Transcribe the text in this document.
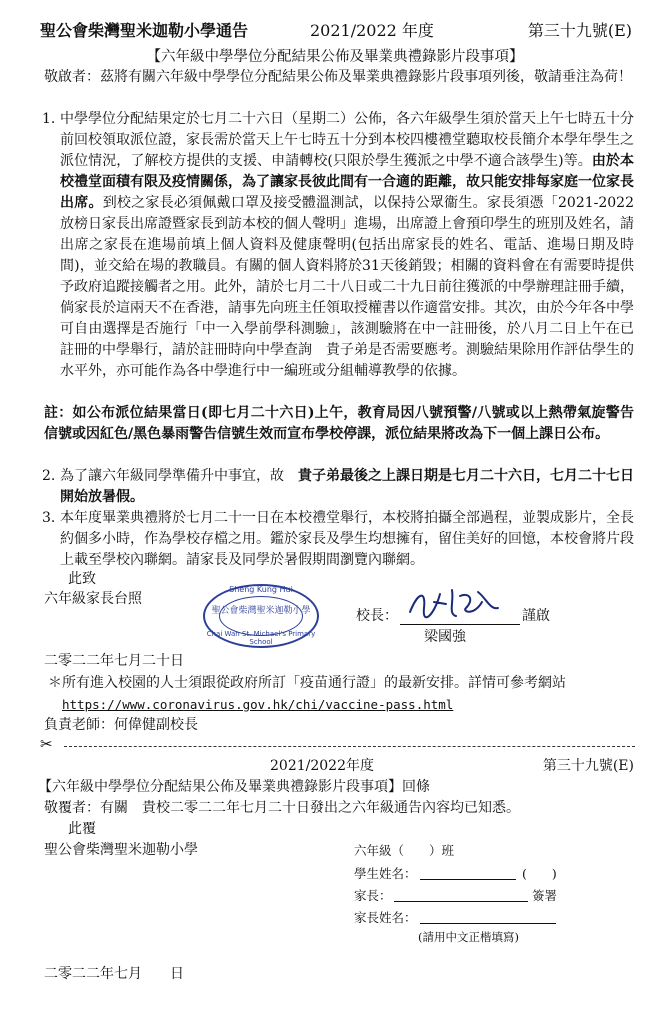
聖公會柴灣聖米迦勒小學通告	2021/2022 年度	第三十九號(E)
【六年級中學學位分配結果公佈及畢業典禮錄影片段事項】
敬啟者：茲將有關六年級中學學位分配結果公佈及畢業典禮錄影片段事項列後，敬請垂注為荷！
1. 中學學位分配結果定於七月二十六日（星期二）公佈，各六年級學生須於當天上午七時五十分前回校領取派位證，家長需於當天上午七時五十分到本校四樓禮堂聽取校長簡介本學年學生之派位情況，了解校方提供的支援、申請轉校(只限於學生獲派之中學不適合該學生)等。由於本校禮堂面積有限及疫情關係，為了讓家長彼此間有一合適的距離，故只能安排每家庭一位家長出席。到校之家長必須佩戴口罩及接受體溫測試，以保持公眾衞生。家長須憑「2021-2022放榜日家長出席證暨家長到訪本校的個人聲明」進場，出席證上會預印學生的班別及姓名，請出席之家長在進場前填上個人資料及健康聲明(包括出席家長的姓名、電話、進場日期及時間)，並交給在場的教職員。有關的個人資料將於31天後銷毀；相關的資料會在有需要時提供予政府追蹤接觸者之用。此外，請於七月二十八日或二十九日前往獲派的中學辦理註冊手續，倘家長於這兩天不在香港，請事先向班主任領取授權書以作適當安排。其次，由於今年各中學可自由選擇是否施行「中一入學前學科測驗」，該測驗將在中一註冊後，於八月二日上午在已註冊的中學舉行，請於註冊時向中學查詢　貴子弟是否需要應考。測驗結果除用作評估學生的水平外，亦可能作為各中學進行中一編班或分組輔導教學的依據。
註：如公布派位結果當日(即七月二十六日)上午，教育局因八號預警/八號或以上熱帶氣旋警告信號或因紅色/黑色暴雨警告信號生效而宣布學校停課，派位結果將改為下一個上課日公布。
2. 為了讓六年級同學準備升中事宜，故　貴子弟最後之上課日期是七月二十六日，七月二十七日開始放暑假。
3. 本年度畢業典禮將於七月二十一日在本校禮堂舉行，本校將拍攝全部過程，並製成影片，全長約個多小時，作為學校存檔之用。鑑於家長及學生均想擁有，留住美好的回憶，本校會將片段上載至學校內聯網。請家長及同學於暑假期間瀏覽內聯網。
此致
六年級家長台照
Sheng Kung Hui
聖公會柴灣聖米迦勒小學
Chai Wan St. Michael's Primary School
校長：	謹啟
梁國強
二零二二年七月二十日
＊所有進入校園的人士須跟從政府所訂「疫苗通行證」的最新安排。詳情可參考網站
https://www.coronavirus.gov.hk/chi/vaccine-pass.html
負責老師：何偉健副校長
✂
2021/2022年度	第三十九號(E)
【六年級中學學位分配結果公佈及畢業典禮錄影片段事項】回條
敬覆者：有關　貴校二零二二年七月二十日發出之六年級通告內容均已知悉。
此覆
聖公會柴灣聖米迦勒小學	六年級（　　）班
學生姓名：	(　　)
家長：	簽署
家長姓名：
(請用中文正楷填寫)
二零二二年七月　　日
